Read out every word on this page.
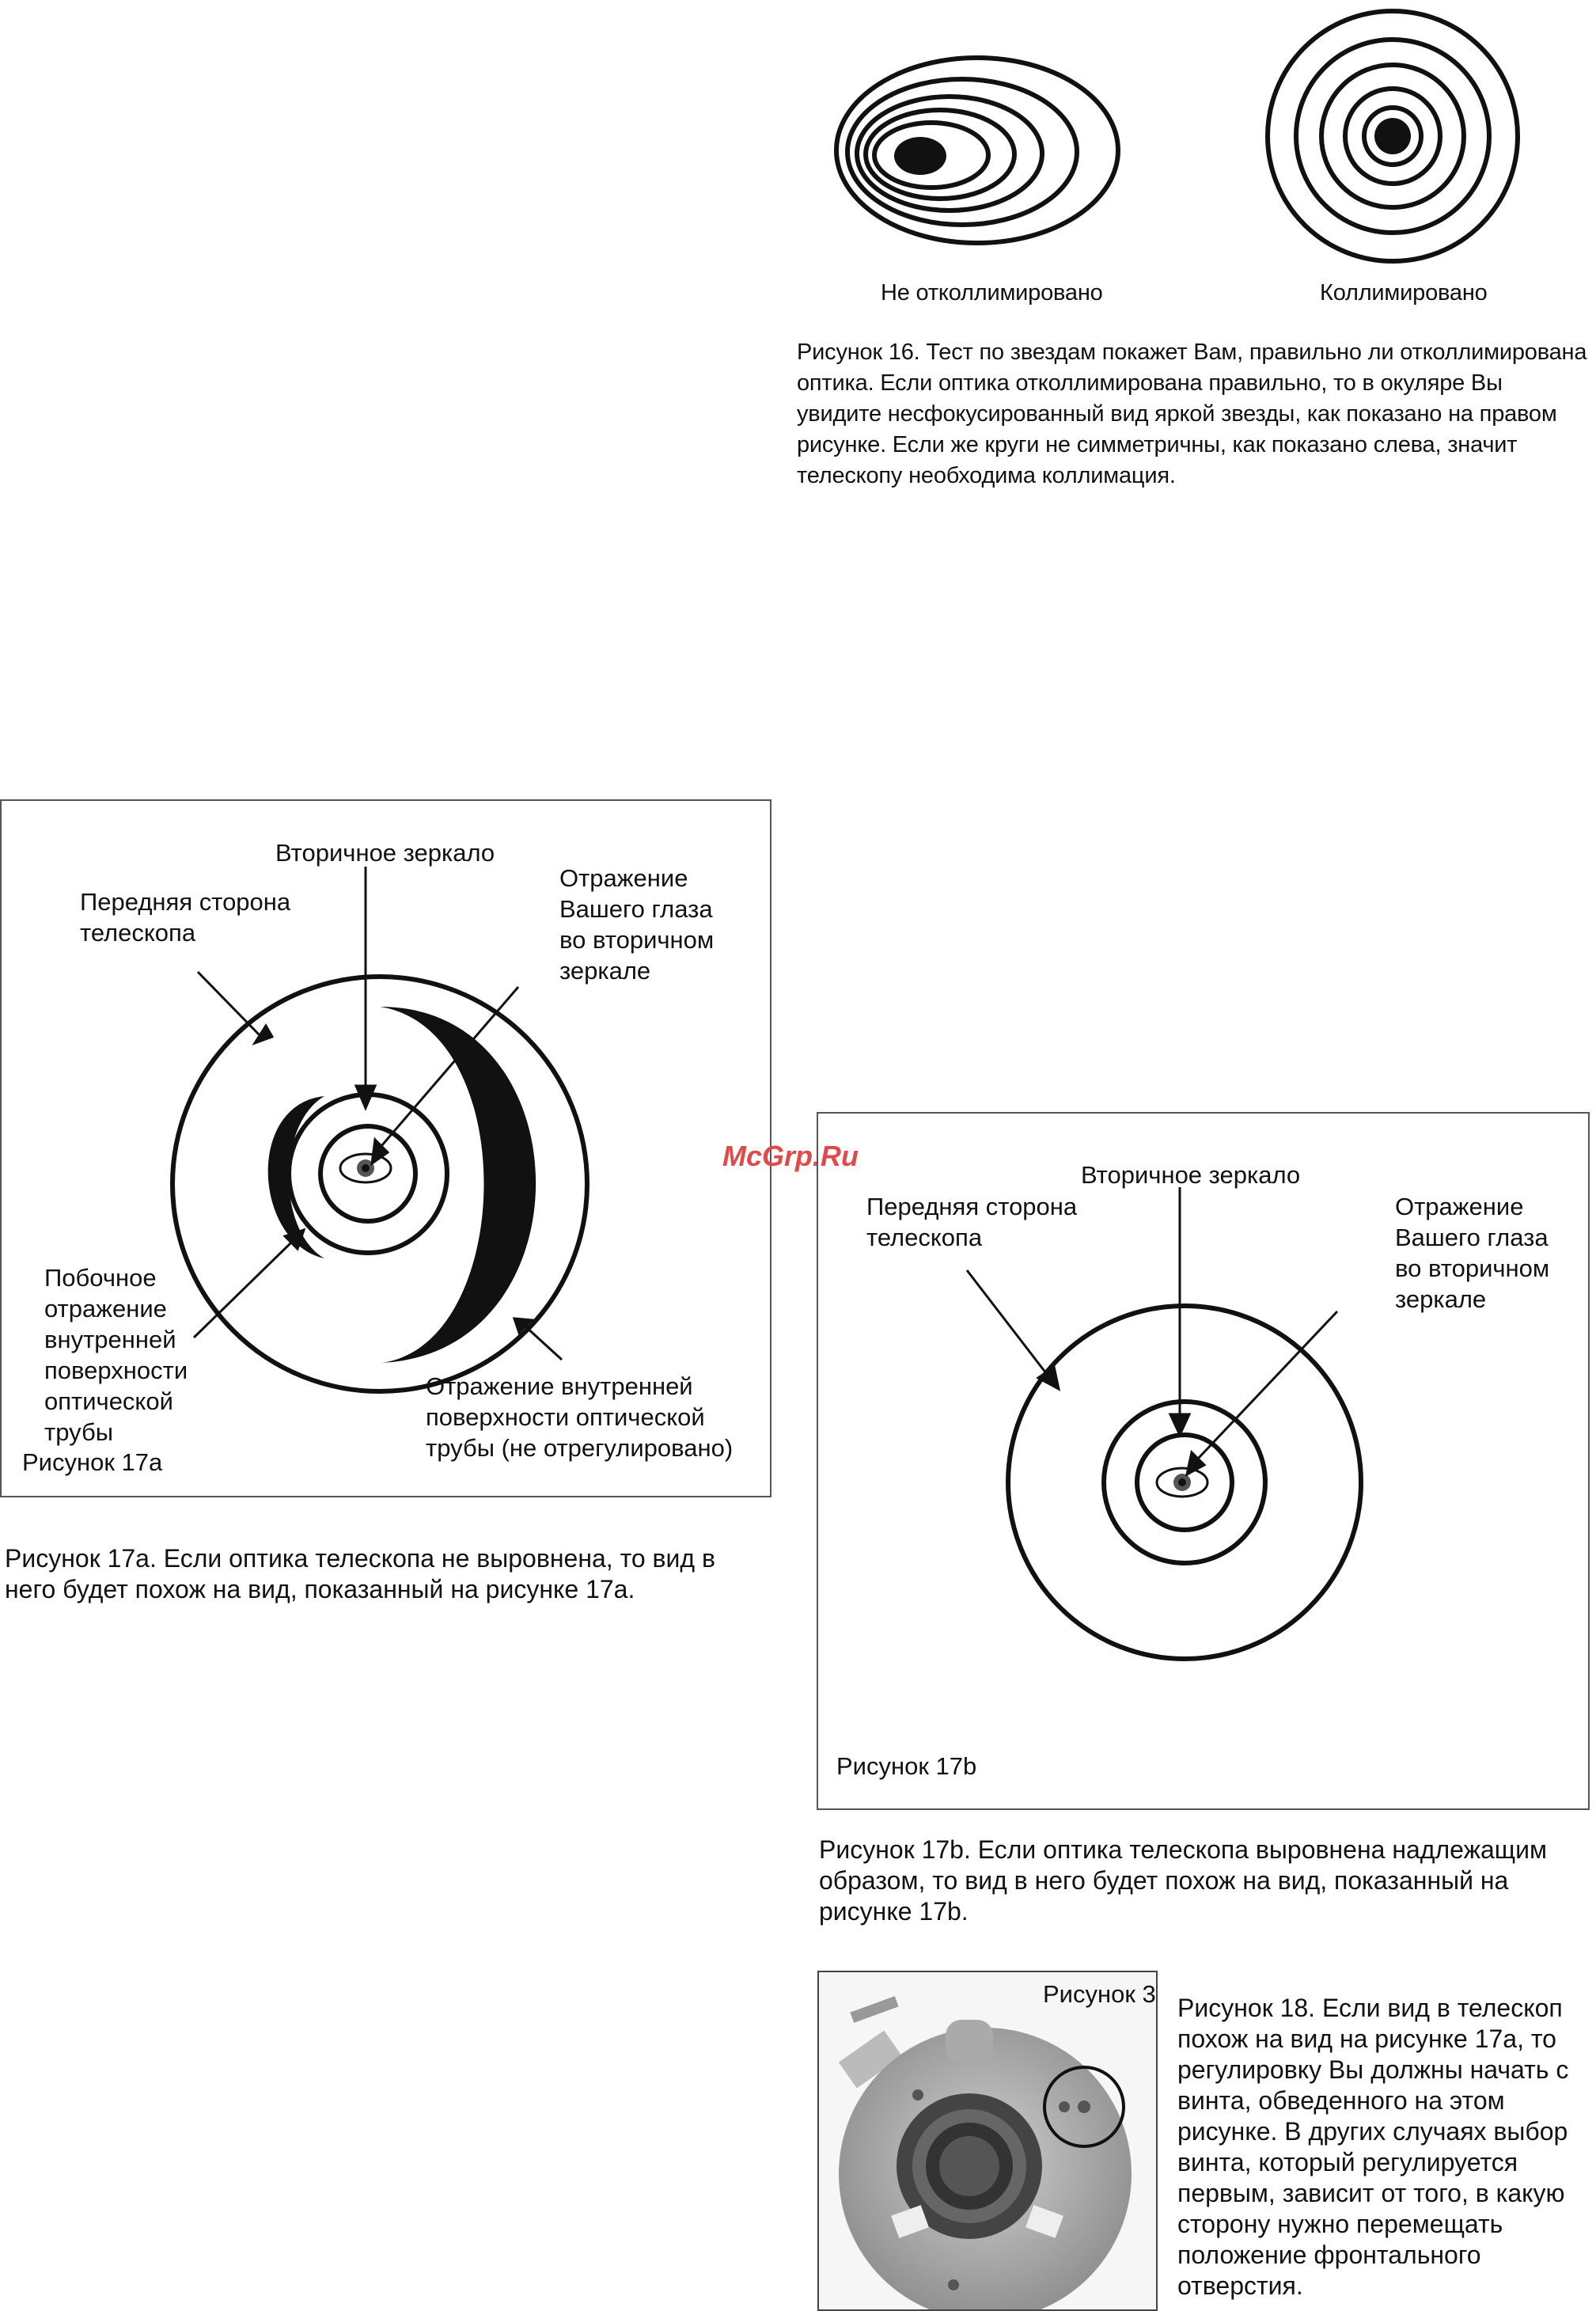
Не отколлимировано	Коллимировано
Рисунок 16. Тест по звездам покажет Вам, правильно ли отколлимирована оптика. Если оптика отколлимирована правильно, то в окуляре Вы увидите несфокусированный вид яркой звезды, как показано на правом рисунке. Если же круги не симметричны, как показано слева, значит телескопу необходима коллимация.
Вторичное зеркало
Передняя сторона телескопа
Отражение Вашего глаза во вторичном зеркале
Побочное отражение внутренней поверхности оптической трубы
Отражение внутренней поверхности оптической трубы (не отрегулировано)
Рисунок 17a
Рисунок 17a. Если оптика телескопа не выровнена, то вид в него будет похож на вид, показанный на рисунке 17a.
McGrp.Ru
Вторичное зеркало
Передняя сторона телескопа
Отражение Вашего глаза во вторичном зеркале
Рисунок 17b
Рисунок 17b. Если оптика телескопа выровнена надлежащим образом, то вид в него будет похож на вид, показанный на рисунке 17b.
Рисунок 3 Рисунок 18. Если вид в телескоп похож на вид на рисунке 17a, то регулировку Вы должны начать с винта, обведенного на этом рисунке. В других случаях выбор винта, который регулируется первым, зависит от того, в какую сторону нужно перемещать положение фронтального отверстия.
